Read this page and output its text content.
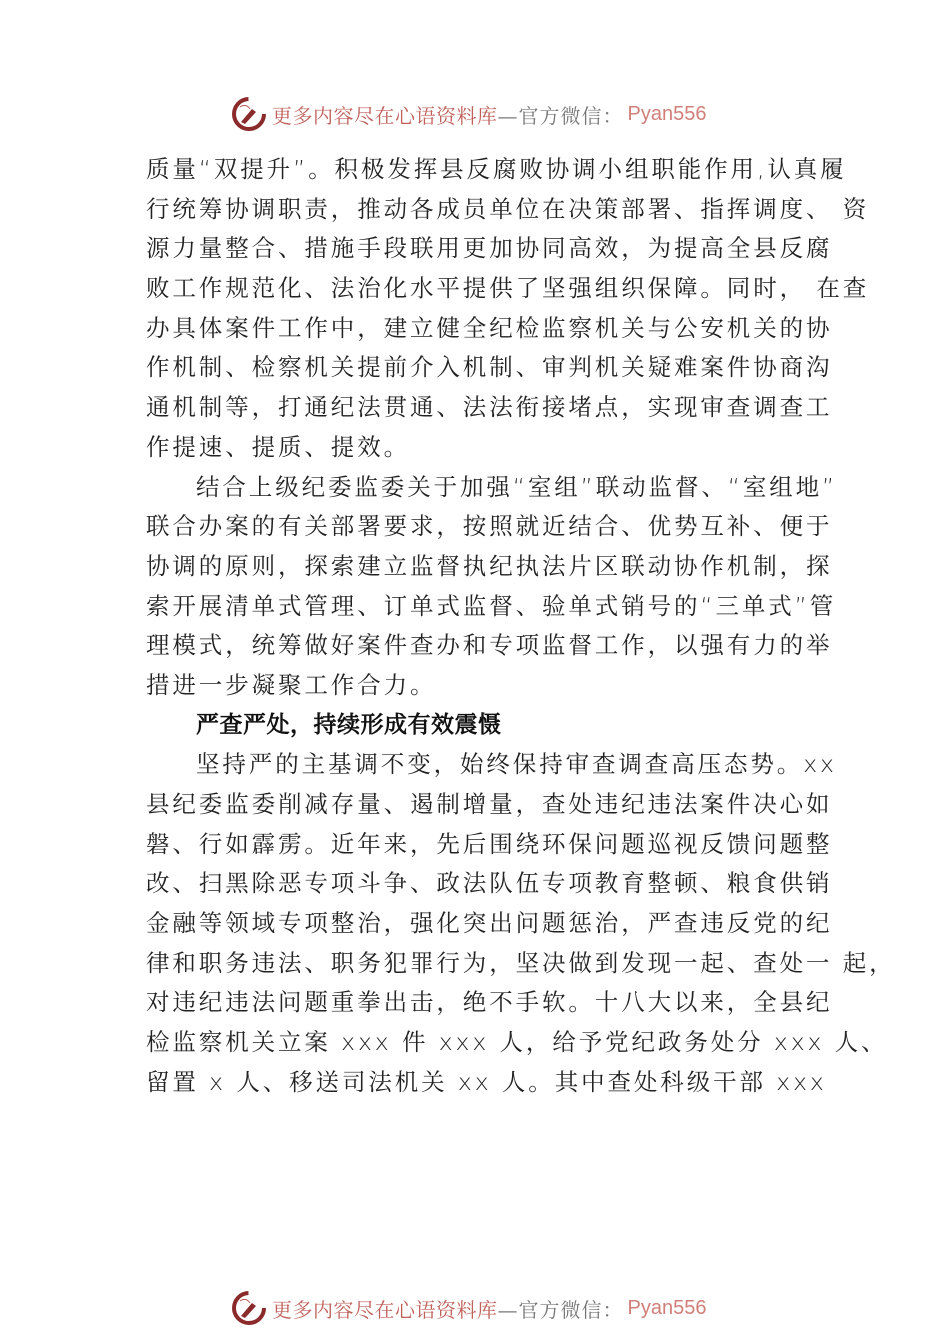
更多内容尽在心语资料库 —官方微信： Pyan556
质量“双提升”。积极发挥县反腐败协调小组职能作用,认真履
行统筹协调职责，推动各成员单位在决策部署、指挥调度、 资
源力量整合、措施手段联用更加协同高效，为提高全县反腐
败工作规范化、法治化水平提供了坚强组织保障。同时， 在查
办具体案件工作中，建立健全纪检监察机关与公安机关的协
作机制、检察机关提前介入机制、审判机关疑难案件协商沟
通机制等，打通纪法贯通、法法衔接堵点，实现审查调查工
作提速、提质、提效。
结合上级纪委监委关于加强“室组”联动监督、“室组地”
联合办案的有关部署要求，按照就近结合、优势互补、便于
协调的原则，探索建立监督执纪执法片区联动协作机制，探
索开展清单式管理、订单式监督、验单式销号的“三单式”管
理模式，统筹做好案件查办和专项监督工作，以强有力的举
措进一步凝聚工作合力。
严查严处，持续形成有效震慑
坚持严的主基调不变，始终保持审查调查高压态势。xx
县纪委监委削减存量、遏制增量，查处违纪违法案件决心如
磐、行如霹雳。近年来，先后围绕环保问题巡视反馈问题整
改、扫黑除恶专项斗争、政法队伍专项教育整顿、粮食供销
金融等领域专项整治，强化突出问题惩治，严查违反党的纪
律和职务违法、职务犯罪行为，坚决做到发现一起、查处一 起，
对违纪违法问题重拳出击，绝不手软。十八大以来，全县纪
检监察机关立案 xxx 件 xxx 人，给予党纪政务处分 xxx 人、
留置 x 人、移送司法机关 xx 人。其中查处科级干部 xxx
更多内容尽在心语资料库 —官方微信： Pyan556
